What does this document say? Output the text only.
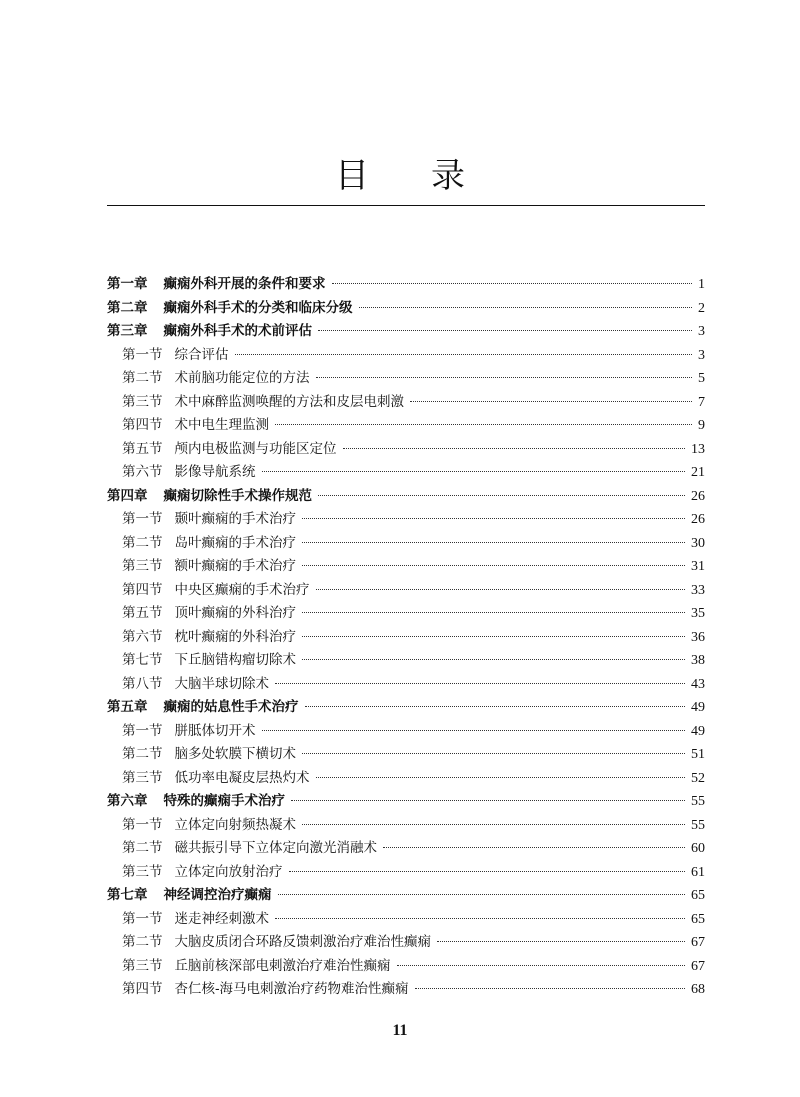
目录
第一章 癫痫外科开展的条件和要求	1
第二章 癫痫外科手术的分类和临床分级	2
第三章 癫痫外科手术的术前评估	3
第一节 综合评估	3
第二节 术前脑功能定位的方法	5
第三节 术中麻醉监测唤醒的方法和皮层电刺激	7
第四节 术中电生理监测	9
第五节 颅内电极监测与功能区定位	13
第六节 影像导航系统	21
第四章 癫痫切除性手术操作规范	26
第一节 颞叶癫痫的手术治疗	26
第二节 岛叶癫痫的手术治疗	30
第三节 额叶癫痫的手术治疗	31
第四节 中央区癫痫的手术治疗	33
第五节 顶叶癫痫的外科治疗	35
第六节 枕叶癫痫的外科治疗	36
第七节 下丘脑错构瘤切除术	38
第八节 大脑半球切除术	43
第五章 癫痫的姑息性手术治疗	49
第一节 胼胝体切开术	49
第二节 脑多处软膜下横切术	51
第三节 低功率电凝皮层热灼术	52
第六章 特殊的癫痫手术治疗	55
第一节 立体定向射频热凝术	55
第二节 磁共振引导下立体定向激光消融术	60
第三节 立体定向放射治疗	61
第七章 神经调控治疗癫痫	65
第一节 迷走神经刺激术	65
第二节 大脑皮质闭合环路反馈刺激治疗难治性癫痫	67
第三节 丘脑前核深部电刺激治疗难治性癫痫	67
第四节 杏仁核-海马电刺激治疗药物难治性癫痫	68
11
